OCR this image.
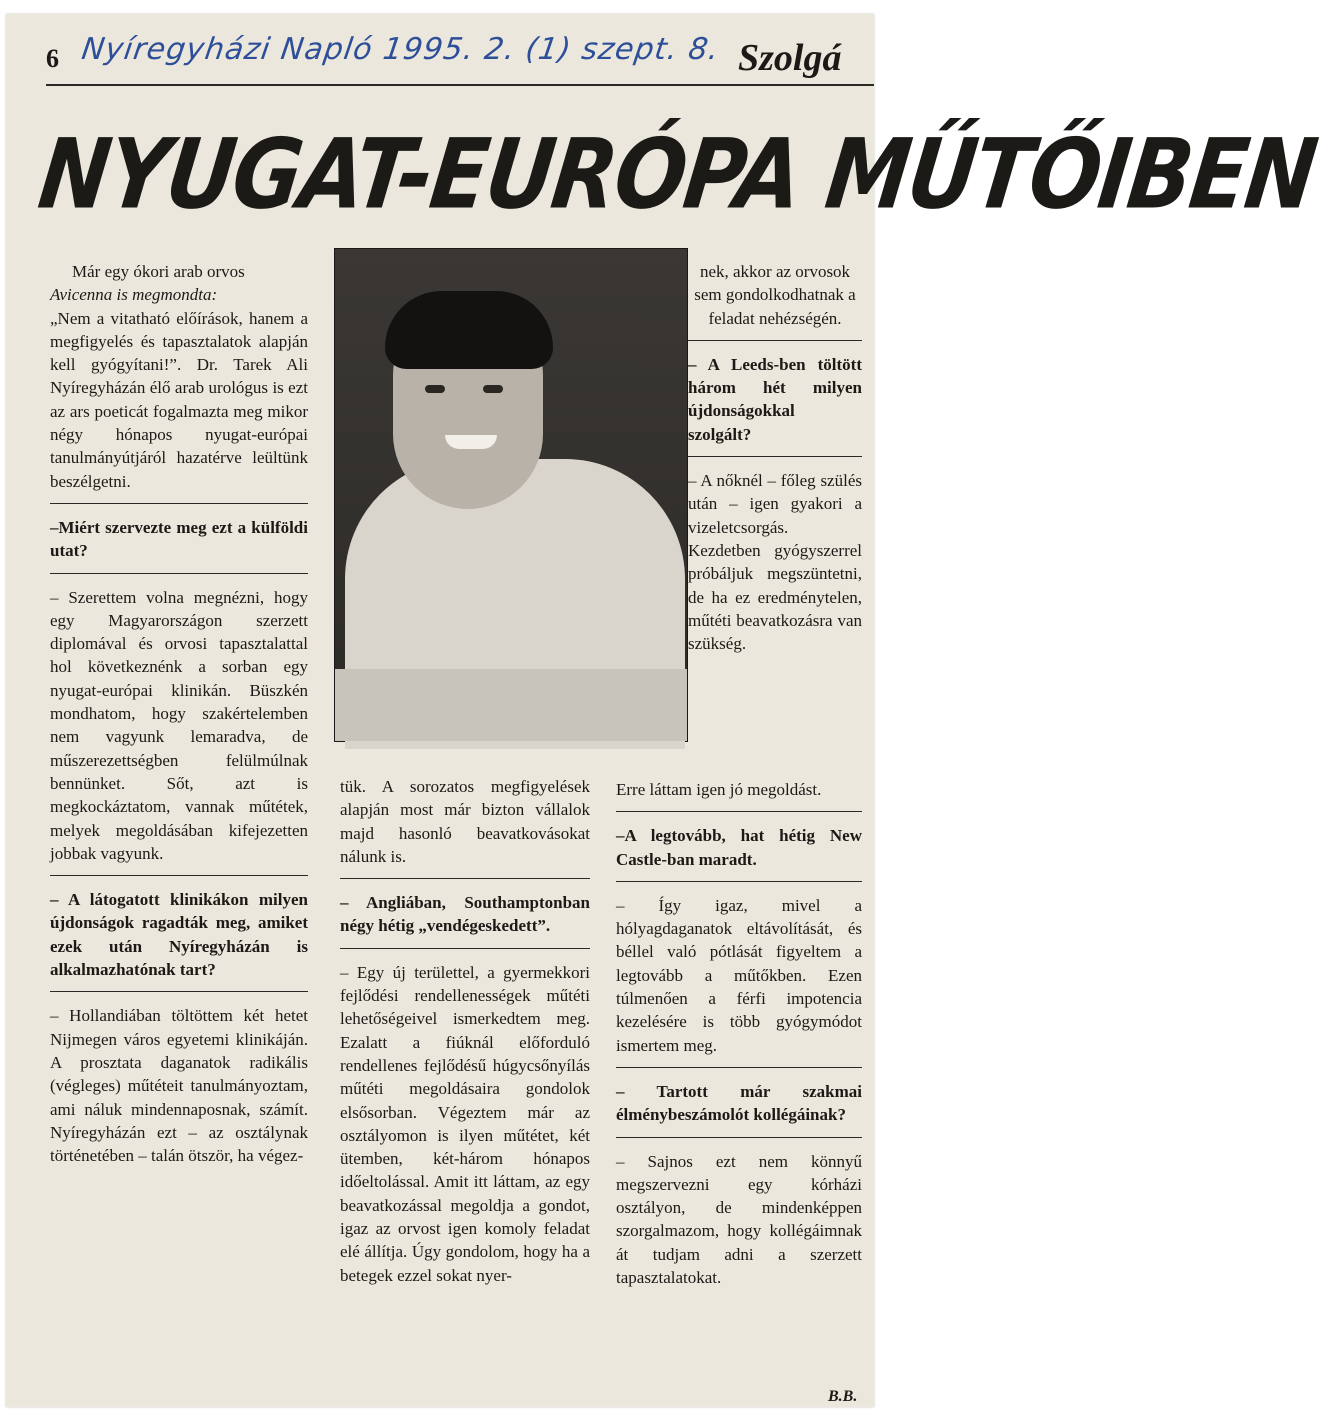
6 Nyíregyházi Napló 1995. 2. (1) szept. 8. Szolgá
NYUGAT-EURÓPA MŰTŐIBEN

Már egy ókori arab orvos

Avicenna is megmondta:

„Nem a vitatható előírások, hanem a megfigyelés és tapasztalatok alapján kell gyógyítani!”. Dr. Tarek Ali Nyíregyházán élő arab urológus is ezt az ars poeticát fogalmazta meg mikor négy hónapos nyugat-európai tanulmányútjáról hazatérve leültünk beszélgetni.

–Miért szervezte meg ezt a külföldi utat?

– Szerettem volna megnézni, hogy egy Magyarországon szerzett diplomával és orvosi tapasztalattal hol következnénk a sorban egy nyugat-európai klinikán. Büszkén mondhatom, hogy szakértelemben nem vagyunk lemaradva, de műszerezettségben felülmúlnak bennünket. Sőt, azt is megkockáztatom, vannak műtétek, melyek megoldásában kifejezetten jobbak vagyunk.

– A látogatott klinikákon milyen újdonságok ragadták meg, amiket ezek után Nyíregyházán is alkalmazhatónak tart?

– Hollandiában töltöttem két hetet Nijmegen város egyetemi klinikáján. A prosztata daganatok radikális (végleges) műtéteit tanulmányoztam, ami náluk mindennaposnak, számít. Nyíregyházán ezt – az osztálynak történetében – talán ötször, ha végez-

nek, akkor az orvosok sem gondolkodhatnak a feladat nehézségén.

– A Leeds-ben töltött három hét milyen újdonságokkal szolgált?

– A nőknél – főleg szülés után – igen gyakori a vizeletcsorgás. Kezdetben gyógyszerrel próbáljuk megszüntetni, de ha ez eredménytelen, műtéti beavatkozásra van szükség.

tük. A sorozatos megfigyelések alapján most már bizton vállalok majd hasonló beavatkovásokat nálunk is.

– Angliában, Southamptonban négy hétig „vendégeskedett”.

– Egy új területtel, a gyermekkori fejlődési rendellenességek műtéti lehetőségeivel ismerkedtem meg. Ezalatt a fiúknál előforduló rendellenes fejlődésű húgycsőnyílás műtéti megoldásaira gondolok elsősorban. Végeztem már az osztályomon is ilyen műtétet, két ütemben, két-három hónapos időeltolással. Amit itt láttam, az egy beavatkozással megoldja a gondot, igaz az orvost igen komoly feladat elé állítja. Úgy gondolom, hogy ha a betegek ezzel sokat nyer-

Erre láttam igen jó megoldást.

–A legtovább, hat hétig New Castle-ban maradt.

– Így igaz, mivel a hólyagdaganatok eltávolítását, és béllel való pótlását figyeltem a legtovább a műtőkben. Ezen túlmenően a férfi impotencia kezelésére is több gyógymódot ismertem meg.

– Tartott már szakmai élménybeszámolót kollégáinak?

– Sajnos ezt nem könnyű megszervezni egy kórházi osztályon, de mindenképpen szorgalmazom, hogy kollégáimnak át tudjam adni a szerzett tapasztalatokat.

B.B.
